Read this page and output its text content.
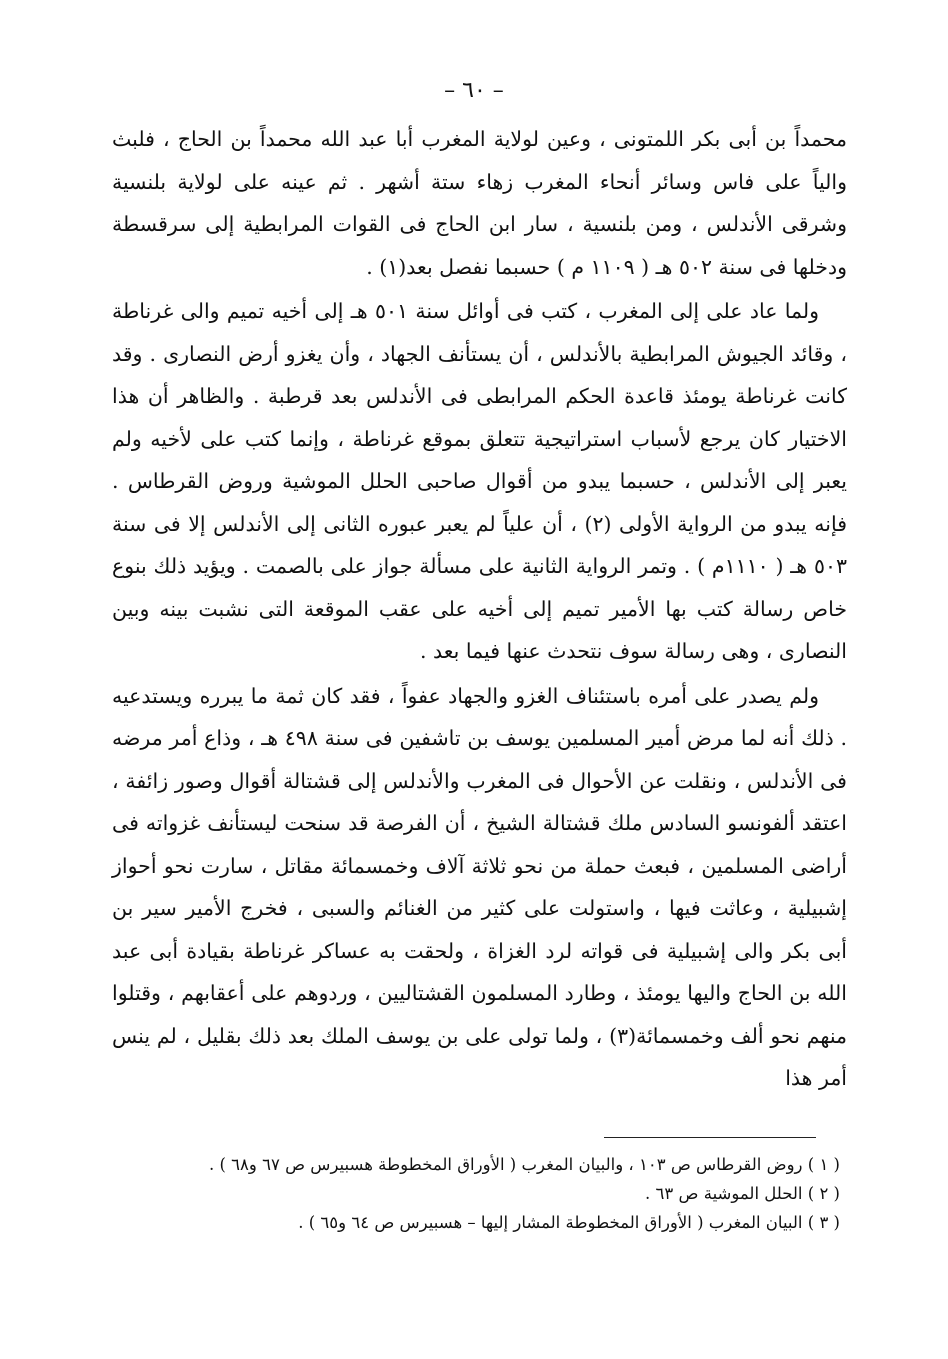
– ٦٠ –

محمداً بن أبى بكر اللمتونى ، وعين لولاية المغرب أبا عبد الله محمداً بن الحاج ، فلبث والياً على فاس وسائر أنحاء المغرب زهاء ستة أشهر . ثم عينه على لولاية بلنسية وشرقى الأندلس ، ومن بلنسية ، سار ابن الحاج فى القوات المرابطية إلى سرقسطة ودخلها فى سنة ٥٠٢ هـ ( ١١٠٩ م ) حسبما نفصل بعد(١) .

ولما عاد على إلى المغرب ، كتب فى أوائل سنة ٥٠١ هـ إلى أخيه تميم والى غرناطة ، وقائد الجيوش المرابطية بالأندلس ، أن يستأنف الجهاد ، وأن يغزو أرض النصارى . وقد كانت غرناطة يومئذ قاعدة الحكم المرابطى فى الأندلس بعد قرطبة . والظاهر أن هذا الاختيار كان يرجع لأسباب استراتيجية تتعلق بموقع غرناطة ، وإنما كتب على لأخيه ولم يعبر إلى الأندلس ، حسبما يبدو من أقوال صاحبى الحلل الموشية وروض القرطاس . فإنه يبدو من الرواية الأولى (٢) ، أن علياً لم يعبر عبوره الثانى إلى الأندلس إلا فى سنة ٥٠٣ هـ ( ١١١٠م ) . وتمر الرواية الثانية على مسألة جواز على بالصمت . ويؤيد ذلك بنوع خاص رسالة كتب بها الأمير تميم إلى أخيه على عقب الموقعة التى نشبت بينه وبين النصارى ، وهى رسالة سوف نتحدث عنها فيما بعد .

ولم يصدر على أمره باستئناف الغزو والجهاد عفواً ، فقد كان ثمة ما يبرره ويستدعيه . ذلك أنه لما مرض أمير المسلمين يوسف بن تاشفين فى سنة ٤٩٨ هـ ، وذاع أمر مرضه فى الأندلس ، ونقلت عن الأحوال فى المغرب والأندلس إلى قشتالة أقوال وصور زائفة ، اعتقد ألفونسو السادس ملك قشتالة الشيخ ، أن الفرصة قد سنحت ليستأنف غزواته فى أراضى المسلمين ، فبعث حملة من نحو ثلاثة آلاف وخمسمائة مقاتل ، سارت نحو أحواز إشبيلية ، وعاثت فيها ، واستولت على كثير من الغنائم والسبى ، فخرج الأمير سير بن أبى بكر والى إشبيلية فى قواته لرد الغزاة ، ولحقت به عساكر غرناطة بقيادة أبى عبد الله بن الحاج واليها يومئذ ، وطارد المسلمون القشتاليين ، وردوهم على أعقابهم ، وقتلوا منهم نحو ألف وخمسمائة(٣) ، ولما تولى على بن يوسف الملك بعد ذلك بقليل ، لم ينس أمر هذا

( ١ ) روض القرطاس ص ١٠٣ ، والبيان المغرب ( الأوراق المخطوطة هسبيرس ص ٦٧ و٦٨ ) .

( ٢ ) الحلل الموشية ص ٦٣ .

( ٣ ) البيان المغرب ( الأوراق المخطوطة المشار إليها – هسبيرس ص ٦٤ و٦٥ ) .
